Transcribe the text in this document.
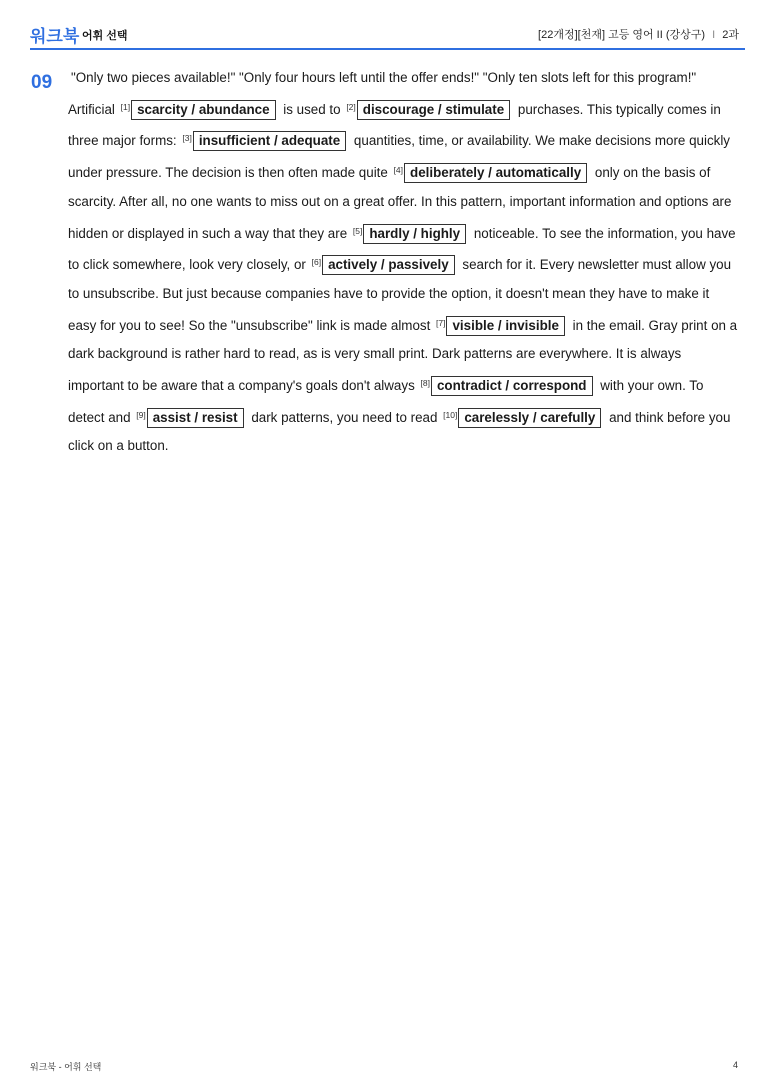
워크북 어휘 선택	[22개정][천재] 고등 영어 II (강상구) I 2과
09 "Only two pieces available!" "Only four hours left until the offer ends!" "Only ten slots left for this program!" Artificial [1] scarcity / abundance is used to [2] discourage / stimulate purchases. This typically comes in three major forms: [3] insufficient / adequate quantities, time, or availability. We make decisions more quickly under pressure. The decision is then often made quite [4] deliberately / automatically only on the basis of scarcity. After all, no one wants to miss out on a great offer. In this pattern, important information and options are hidden or displayed in such a way that they are [5] hardly / highly noticeable. To see the information, you have to click somewhere, look very closely, or [6] actively / passively search for it. Every newsletter must allow you to unsubscribe. But just because companies have to provide the option, it doesn't mean they have to make it easy for you to see! So the "unsubscribe" link is made almost [7] visible / invisible in the email. Gray print on a dark background is rather hard to read, as is very small print. Dark patterns are everywhere. It is always important to be aware that a company's goals don't always [8] contradict / correspond with your own. To detect and [9] assist / resist dark patterns, you need to read [10] carelessly / carefully and think before you click on a button.
워크북 - 어휘 선택	4
